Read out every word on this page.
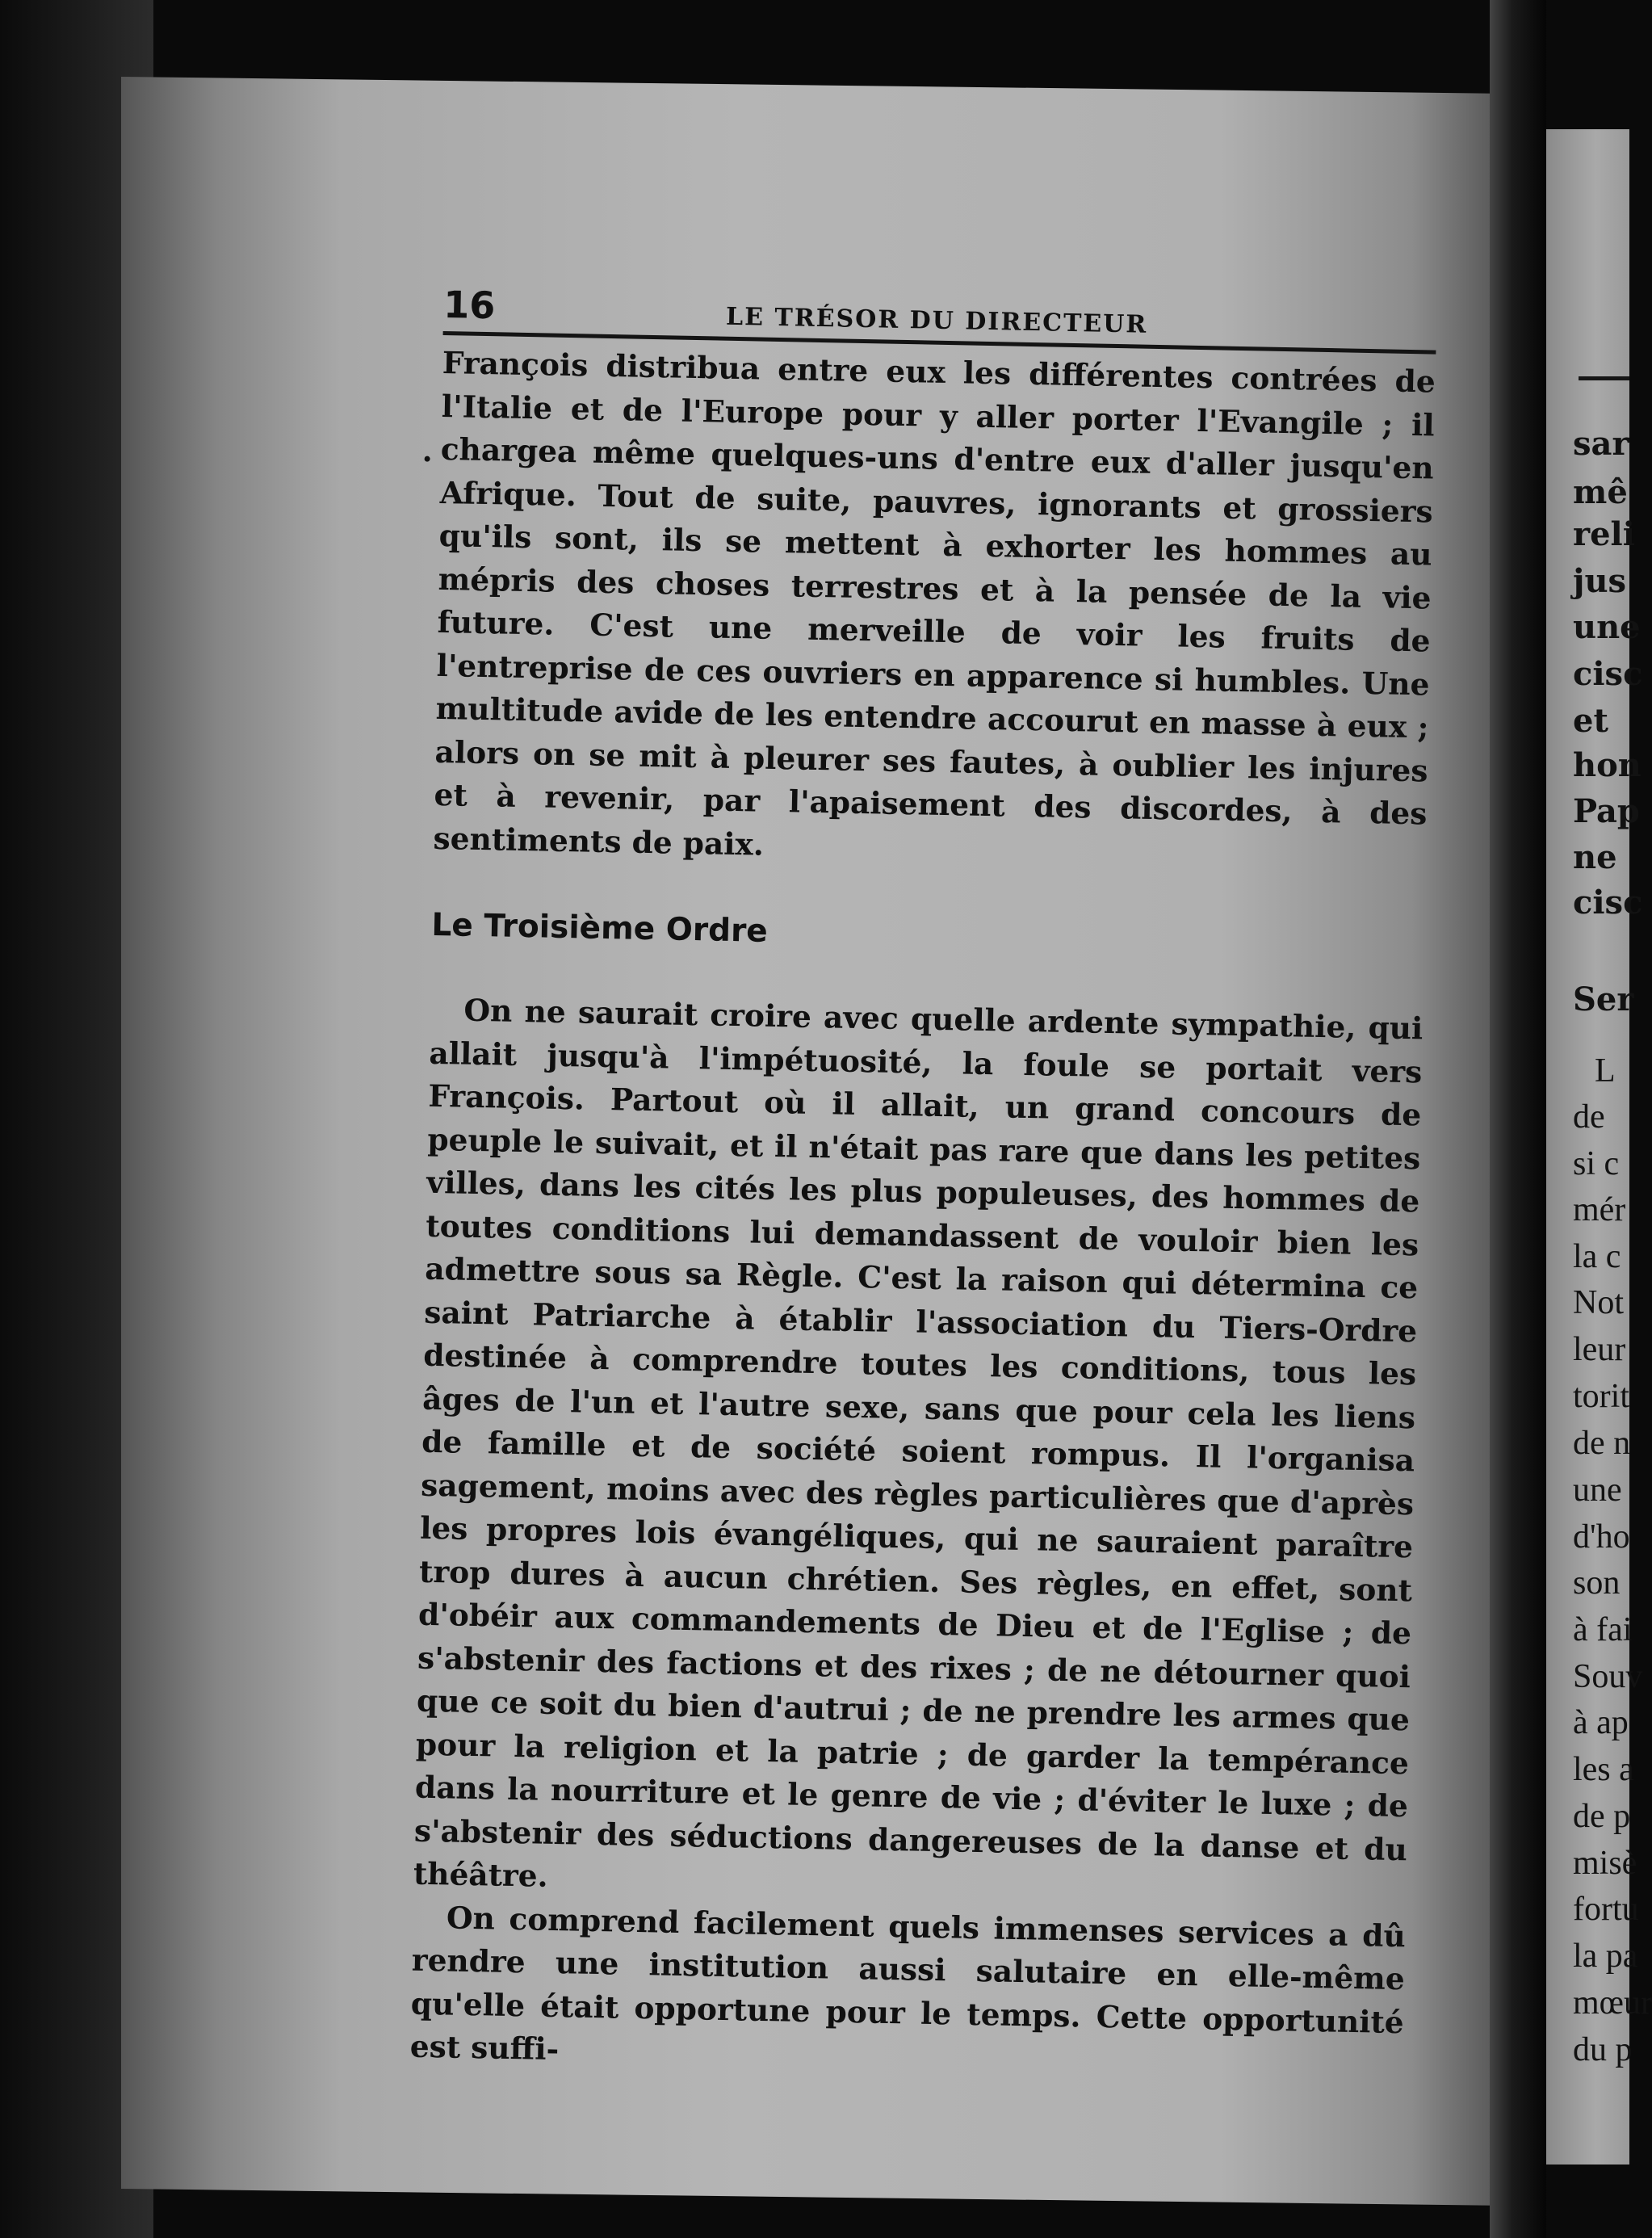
sar
mê
reli
jus
une
cisc
et
hon
Pap
ne
cisc
Ser
L
de
si c
mér
la c
Not
leur
torit
de n
une
d'ho
son
à fai
Souv
à ap
les a
de p
misè
fortu
la pa
mœur
du p
16	LE TRÉSOR DU DIRECTEUR

François distribua entre eux les différentes contrées de l'Italie et de l'Europe pour y aller porter l'Evangile ; il chargea même quelques-uns d'entre eux d'aller jusqu'en Afrique. Tout de suite, pauvres, ignorants et grossiers qu'ils sont, ils se mettent à exhorter les hommes au mépris des choses terrestres et à la pensée de la vie future. C'est une merveille de voir les fruits de l'entreprise de ces ouvriers en apparence si humbles. Une multitude avide de les entendre accourut en masse à eux ; alors on se mit à pleurer ses fautes, à oublier les injures et à revenir, par l'apaisement des discordes, à des sentiments de paix.

Le Troisième Ordre

On ne saurait croire avec quelle ardente sympathie, qui allait jusqu'à l'impétuosité, la foule se portait vers François. Partout où il allait, un grand concours de peuple le suivait, et il n'était pas rare que dans les petites villes, dans les cités les plus populeuses, des hommes de toutes conditions lui demandassent de vouloir bien les admettre sous sa Règle. C'est la raison qui détermina ce saint Patriarche à établir l'association du Tiers-Ordre destinée à comprendre toutes les conditions, tous les âges de l'un et l'autre sexe, sans que pour cela les liens de famille et de société soient rompus. Il l'organisa sagement, moins avec des règles particulières que d'après les propres lois évangéliques, qui ne sauraient paraître trop dures à aucun chrétien. Ses règles, en effet, sont d'obéir aux commandements de Dieu et de l'Eglise ; de s'abstenir des factions et des rixes ; de ne détourner quoi que ce soit du bien d'autrui ; de ne prendre les armes que pour la religion et la patrie ; de garder la tempérance dans la nourriture et le genre de vie ; d'éviter le luxe ; de s'abstenir des séductions dangereuses de la danse et du théâtre.

On comprend facilement quels immenses services a dû rendre une institution aussi salutaire en elle-même qu'elle était opportune pour le temps. Cette opportunité est suffi-
